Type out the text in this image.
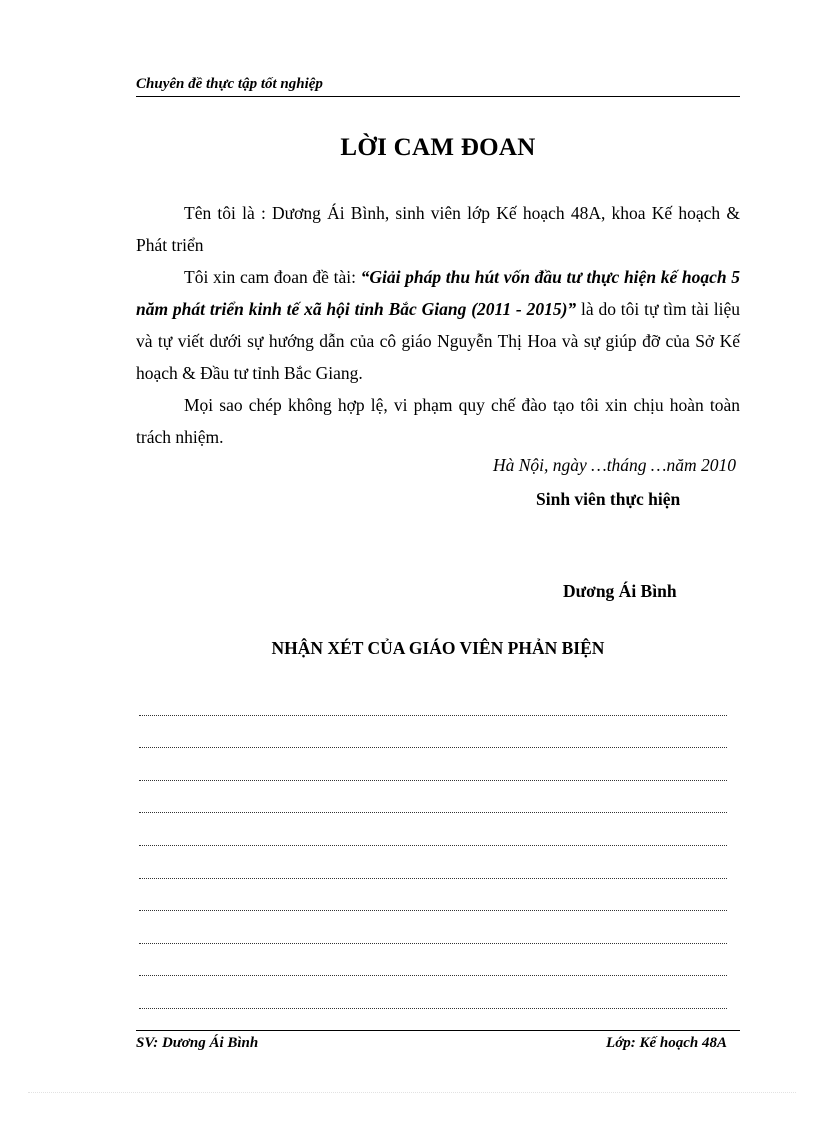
Chuyên đề thực tập tốt nghiệp
LỜI CAM ĐOAN

Tên tôi là : Dương Ái Bình, sinh viên lớp Kế hoạch 48A, khoa Kế hoạch & Phát triển

Tôi xin cam đoan đề tài: “Giải pháp thu hút vốn đầu tư thực hiện kế hoạch 5 năm phát triển kinh tế xã hội tỉnh Bắc Giang (2011 - 2015)” là do tôi tự tìm tài liệu và tự viết dưới sự hướng dẫn của cô giáo Nguyễn Thị Hoa và sự giúp đỡ của Sở Kế hoạch & Đầu tư tỉnh Bắc Giang.

Mọi sao chép không hợp lệ, vi phạm quy chế đào tạo tôi xin chịu hoàn toàn trách nhiệm.

Hà Nội, ngày …tháng …năm 2010
Sinh viên thực hiện
Dương Ái Bình
NHẬN XÉT CỦA GIÁO VIÊN PHẢN BIỆN
SV: Dương Ái Bình	Lớp: Kế hoạch 48A
